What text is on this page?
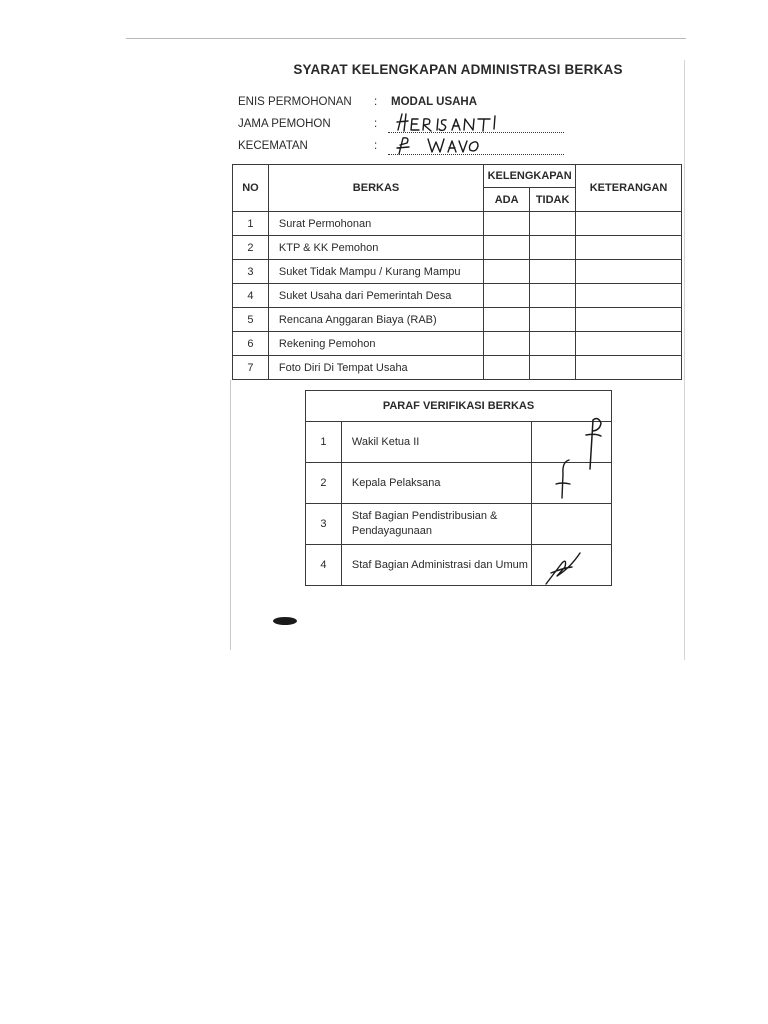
SYARAT KELENGKAPAN ADMINISTRASI BERKAS
ENIS PERMOHONAN : MODAL USAHA
JAMA PEMOHON	:
KECEMATAN	:
NO	BERKAS	KELENGKAPAN		KETERANGAN
		ADA	TIDAK	
1	Surat Permohonan			
2	KTP & KK Pemohon			
3	Suket Tidak Mampu / Kurang Mampu			
4	Suket Usaha dari Pemerintah Desa			
5	Rencana Anggaran Biaya (RAB)			
6	Rekening Pemohon			
7	Foto Diri Di Tempat Usaha			
PARAF VERIFIKASI BERKAS		
1	Wakil Ketua II	
2	Kepala Pelaksana	
3	Staf Bagian Pendistribusian & Pendayagunaan	
4	Staf Bagian Administrasi dan Umum	
